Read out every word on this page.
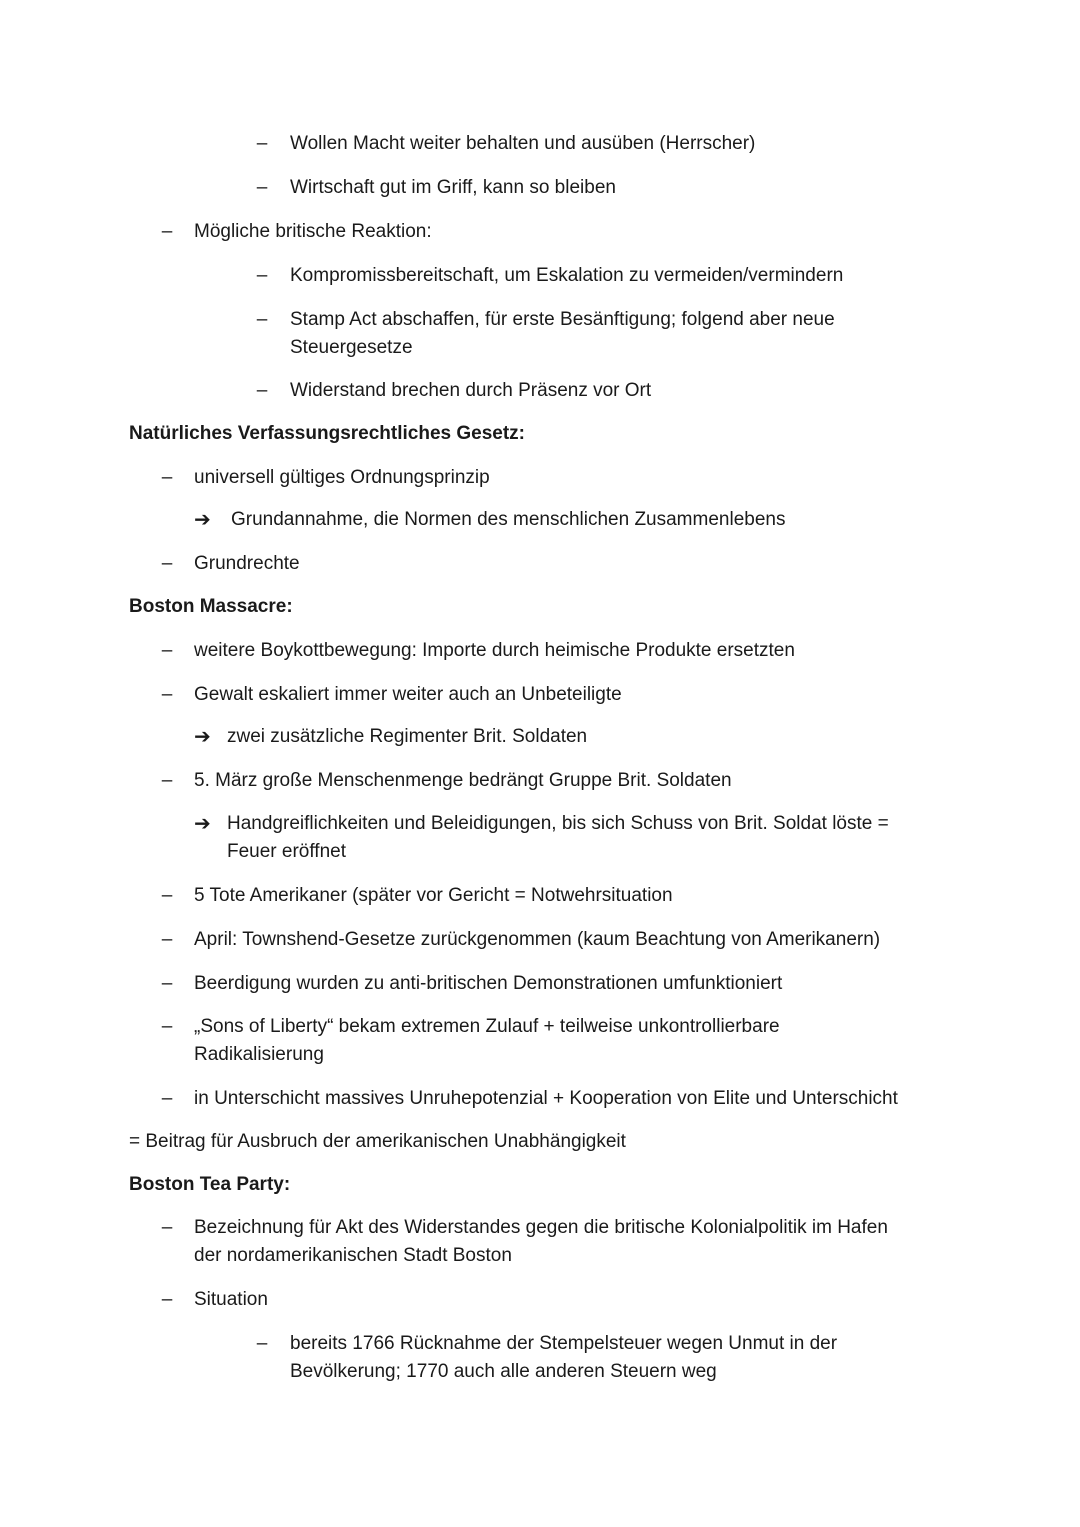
– Wollen Macht weiter behalten und ausüben (Herrscher)
– Wirtschaft gut im Griff, kann so bleiben
– Mögliche britische Reaktion:
– Kompromissbereitschaft, um Eskalation zu vermeiden/vermindern
– Stamp Act abschaffen, für erste Besänftigung; folgend aber neue
Steuergesetze
– Widerstand brechen durch Präsenz vor Ort
Natürliches Verfassungsrechtliches Gesetz:
– universell gültiges Ordnungsprinzip
➔ Grundannahme, die Normen des menschlichen Zusammenlebens
– Grundrechte
Boston Massacre:
– weitere Boykottbewegung: Importe durch heimische Produkte ersetzten
– Gewalt eskaliert immer weiter auch an Unbeteiligte
➔ zwei zusätzliche Regimenter Brit. Soldaten
– 5. März große Menschenmenge bedrängt Gruppe Brit. Soldaten
➔ Handgreiflichkeiten und Beleidigungen, bis sich Schuss von Brit. Soldat löste =
Feuer eröffnet
– 5 Tote Amerikaner (später vor Gericht = Notwehrsituation
– April: Townshend-Gesetze zurückgenommen (kaum Beachtung von Amerikanern)
– Beerdigung wurden zu anti-britischen Demonstrationen umfunktioniert
– „Sons of Liberty“ bekam extremen Zulauf + teilweise unkontrollierbare
Radikalisierung
– in Unterschicht massives Unruhepotenzial + Kooperation von Elite und Unterschicht
= Beitrag für Ausbruch der amerikanischen Unabhängigkeit
Boston Tea Party:
– Bezeichnung für Akt des Widerstandes gegen die britische Kolonialpolitik im Hafen
der nordamerikanischen Stadt Boston
– Situation
– bereits 1766 Rücknahme der Stempelsteuer wegen Unmut in der
Bevölkerung; 1770 auch alle anderen Steuern weg
